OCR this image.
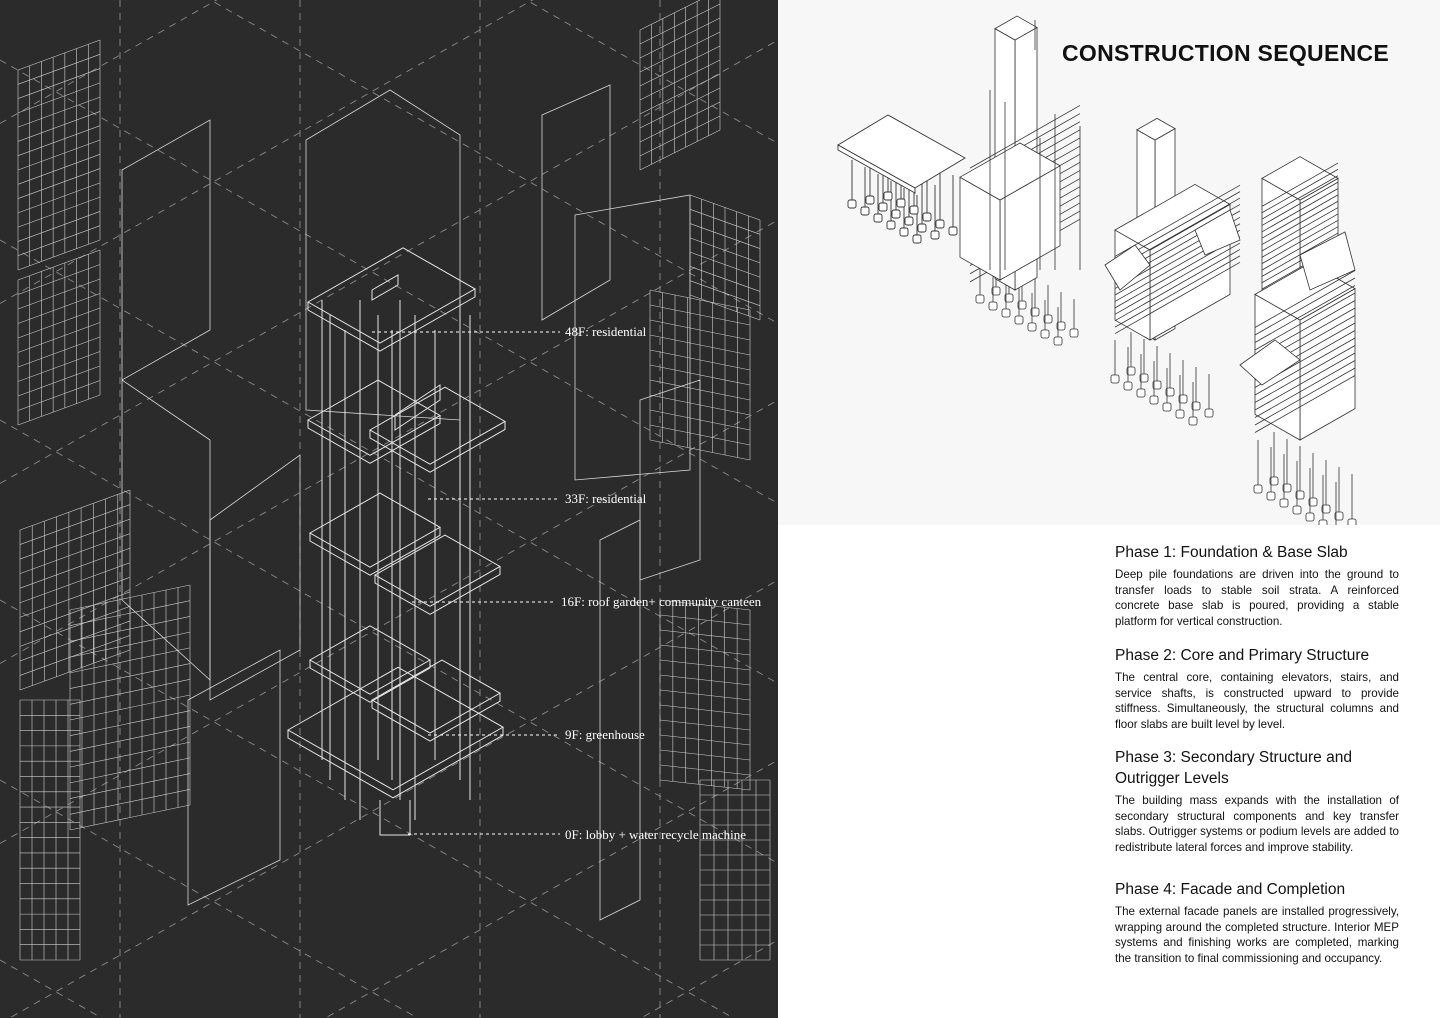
48F: residential
33F: residential
16F: roof garden+ community canteen
9F: greenhouse
0F: lobby + water recycle machine
CONSTRUCTION SEQUENCE
Phase 1: Foundation & Base Slab

Deep pile foundations are driven into the ground to transfer loads to stable soil strata. A reinforced concrete base slab is poured, providing a stable platform for vertical construction.

Phase 2: Core and Primary Structure

The central core, containing elevators, stairs, and service shafts, is constructed upward to provide stiffness. Simultaneously, the structural columns and floor slabs are built level by level.

Phase 3: Secondary Structure and Outrigger Levels

The building mass expands with the installation of secondary structural components and key transfer slabs. Outrigger systems or podium levels are added to redistribute lateral forces and improve stability.

Phase 4: Facade and Completion

The external facade panels are installed progressively, wrapping around the completed structure. Interior MEP systems and finishing works are completed, marking the transition to final commissioning and occupancy.
